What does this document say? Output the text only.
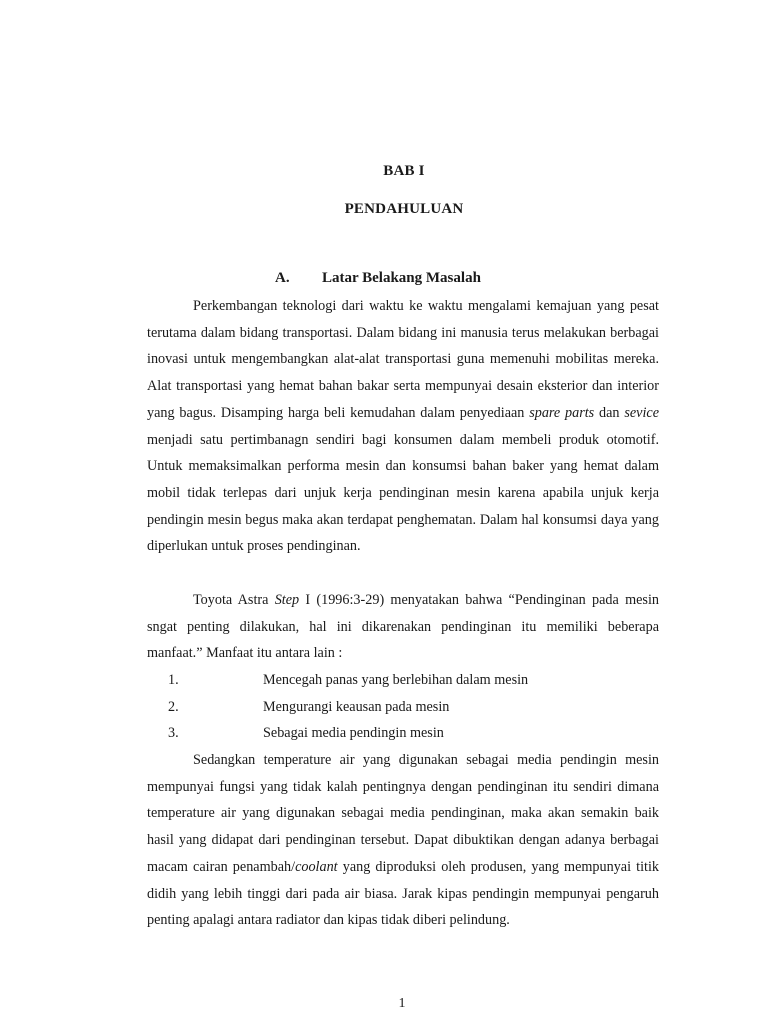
BAB I
PENDAHULUAN
A. Latar Belakang Masalah

Perkembangan teknologi dari waktu ke waktu mengalami kemajuan yang pesat terutama dalam bidang transportasi. Dalam bidang ini manusia terus melakukan berbagai inovasi untuk mengembangkan alat-alat transportasi guna memenuhi mobilitas mereka. Alat transportasi yang hemat bahan bakar serta mempunyai desain eksterior dan interior yang bagus. Disamping harga beli kemudahan dalam penyediaan spare parts dan sevice menjadi satu pertimbanagn sendiri bagi konsumen dalam membeli produk otomotif. Untuk memaksimalkan performa mesin dan konsumsi bahan baker yang hemat dalam mobil tidak terlepas dari unjuk kerja pendinginan mesin karena apabila unjuk kerja pendingin mesin begus maka akan terdapat penghematan. Dalam hal konsumsi daya yang diperlukan untuk proses pendinginan.

Toyota Astra Step I (1996:3-29) menyatakan bahwa “Pendinginan pada mesin sngat penting dilakukan, hal ini dikarenakan pendinginan itu memiliki beberapa manfaat.” Manfaat itu antara lain :

1.	Mencegah panas yang berlebihan dalam mesin
2.	Mengurangi keausan pada mesin
3.	Sebagai media pendingin mesin

Sedangkan temperature air yang digunakan sebagai media pendingin mesin mempunyai fungsi yang tidak kalah pentingnya dengan pendinginan itu sendiri dimana temperature air yang digunakan sebagai media pendinginan, maka akan semakin baik hasil yang didapat dari pendinginan tersebut. Dapat dibuktikan dengan adanya berbagai macam cairan penambah/coolant yang diproduksi oleh produsen, yang mempunyai titik didih yang lebih tinggi dari pada air biasa. Jarak kipas pendingin mempunyai pengaruh penting apalagi antara radiator dan kipas tidak diberi pelindung.

1
